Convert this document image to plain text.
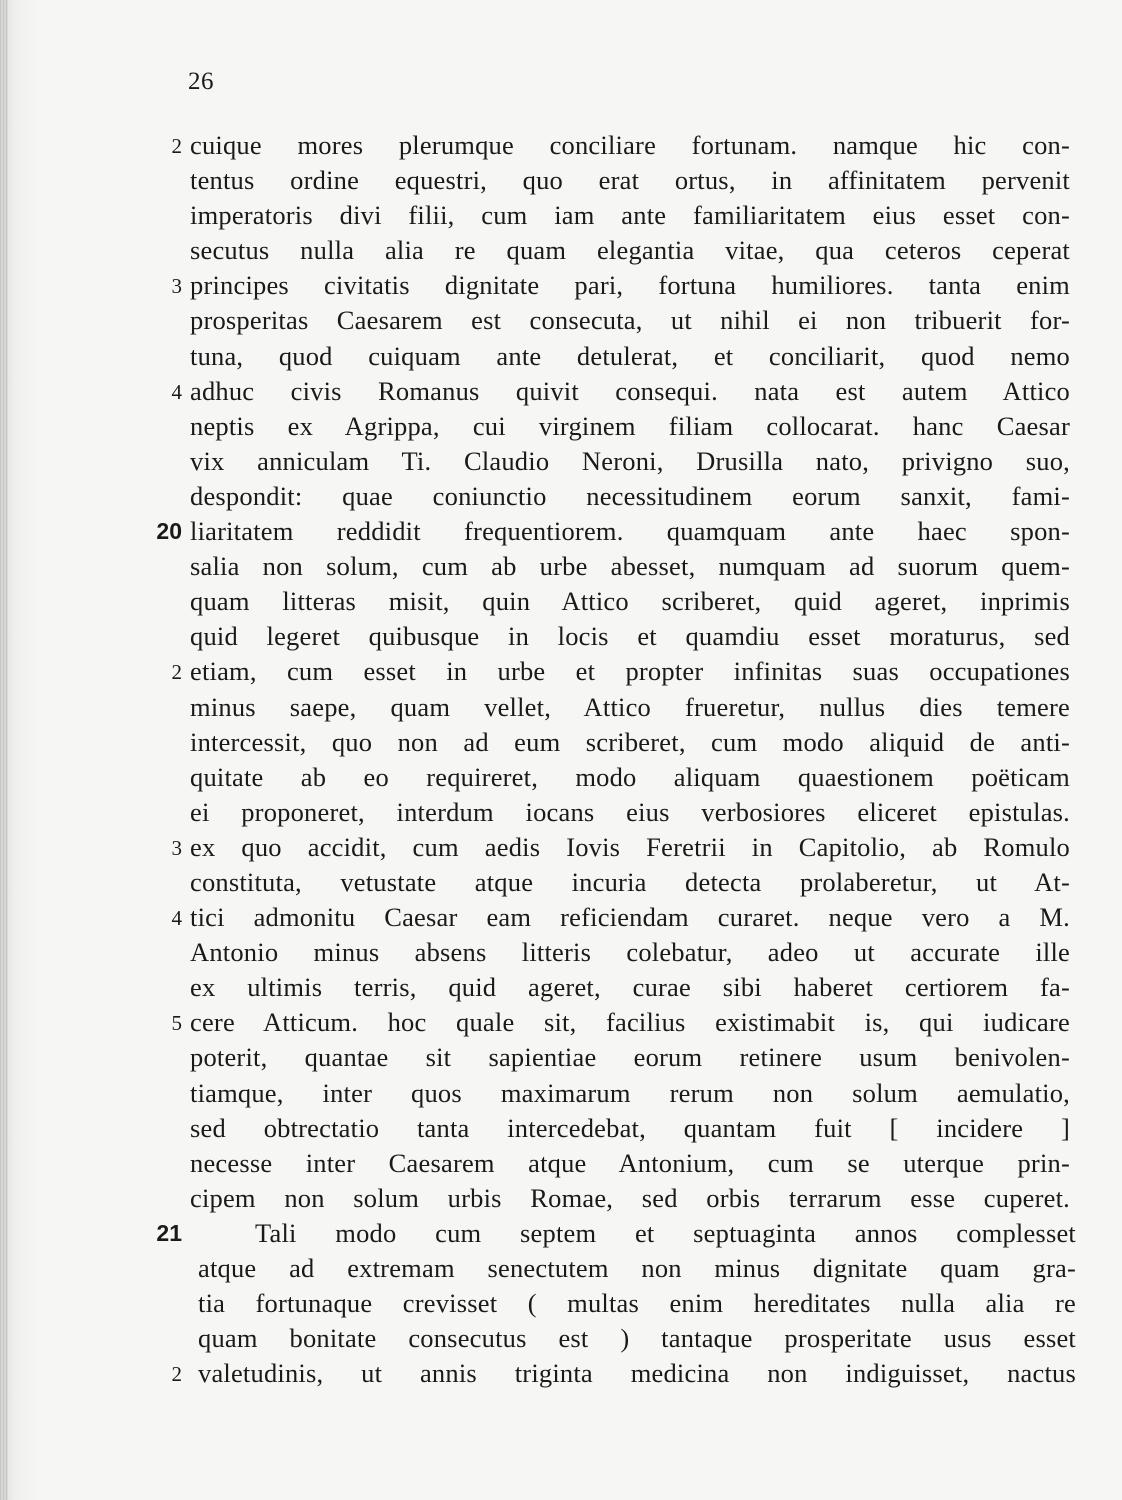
26
2 cuique mores plerumque conciliare fortunam. namque hic con-
tentus ordine equestri, quo erat ortus, in affinitatem pervenit
imperatoris divi filii, cum iam ante familiaritatem eius esset con-
secutus nulla alia re quam elegantia vitae, qua ceteros ceperat
3 principes civitatis dignitate pari, fortuna humiliores. tanta enim
prosperitas Caesarem est consecuta, ut nihil ei non tribuerit for-
tuna, quod cuiquam ante detulerat, et conciliarit, quod nemo
4 adhuc civis Romanus quivit consequi. nata est autem Attico
neptis ex Agrippa, cui virginem filiam collocarat. hanc Caesar
vix anniculam Ti. Claudio Neroni, Drusilla nato, privigno suo,
despondit: quae coniunctio necessitudinem eorum sanxit, fami-
20 liaritatem reddidit frequentiorem. quamquam ante haec spon-
salia non solum, cum ab urbe abesset, numquam ad suorum quem-
quam litteras misit, quin Attico scriberet, quid ageret, inprimis
quid legeret quibusque in locis et quamdiu esset moraturus, sed
2 etiam, cum esset in urbe et propter infinitas suas occupationes
minus saepe, quam vellet, Attico frueretur, nullus dies temere
intercessit, quo non ad eum scriberet, cum modo aliquid de anti-
quitate ab eo requireret, modo aliquam quaestionem poëticam
ei proponeret, interdum iocans eius verbosiores eliceret epistulas.
3 ex quo accidit, cum aedis Iovis Feretrii in Capitolio, ab Romulo
constituta, vetustate atque incuria detecta prolaberetur, ut At-
4 tici admonitu Caesar eam reficiendam curaret. neque vero a M.
Antonio minus absens litteris colebatur, adeo ut accurate ille
ex ultimis terris, quid ageret, curae sibi haberet certiorem fa-
5 cere Atticum. hoc quale sit, facilius existimabit is, qui iudicare
poterit, quantae sit sapientiae eorum retinere usum benivolen-
tiamque, inter quos maximarum rerum non solum aemulatio,
sed obtrectatio tanta intercedebat, quantam fuit [ incidere ]
necesse inter Caesarem atque Antonium, cum se uterque prin-
cipem non solum urbis Romae, sed orbis terrarum esse cuperet.
21	Tali modo cum septem et septuaginta annos complesset
atque ad extremam senectutem non minus dignitate quam gra-
tia fortunaque crevisset ( multas enim hereditates nulla alia re
quam bonitate consecutus est ) tantaque prosperitate usus esset
2 valetudinis, ut annis triginta medicina non indiguisset, nactus
